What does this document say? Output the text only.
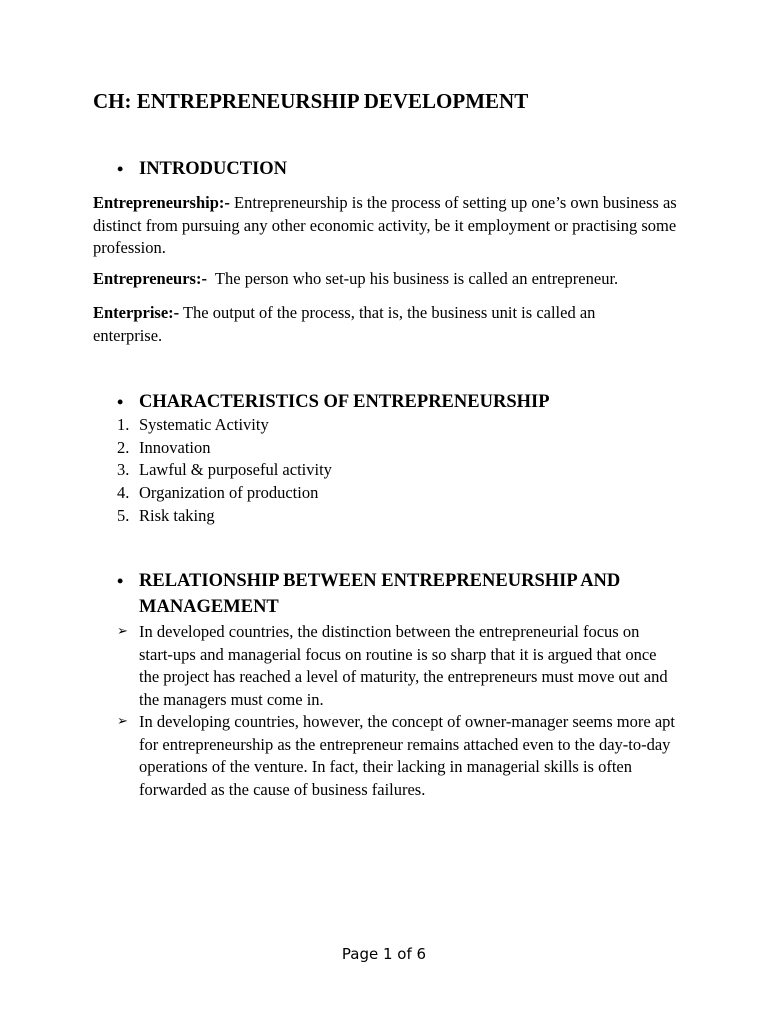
CH: ENTREPRENEURSHIP DEVELOPMENT
• INTRODUCTION

Entrepreneurship:- Entrepreneurship is the process of setting up one’s own business as distinct from pursuing any other economic activity, be it employment or practising some profession.

Entrepreneurs:-  The person who set-up his business is called an entrepreneur.

Enterprise:- The output of the process, that is, the business unit is called an enterprise.

• CHARACTERISTICS OF ENTREPRENEURSHIP
1. Systematic Activity
2. Innovation
3. Lawful & purposeful activity
4. Organization of production
5. Risk taking
• RELATIONSHIP BETWEEN ENTREPRENEURSHIP AND MANAGEMENT
➢ In developed countries, the distinction between the entrepreneurial focus on start-ups and managerial focus on routine is so sharp that it is argued that once the project has reached a level of maturity, the entrepreneurs must move out and the managers must come in.
➢ In developing countries, however, the concept of owner-manager seems more apt for entrepreneurship as the entrepreneur remains attached even to the day-to-day operations of the venture. In fact, their lacking in managerial skills is often forwarded as the cause of business failures.
Page 1 of 6
